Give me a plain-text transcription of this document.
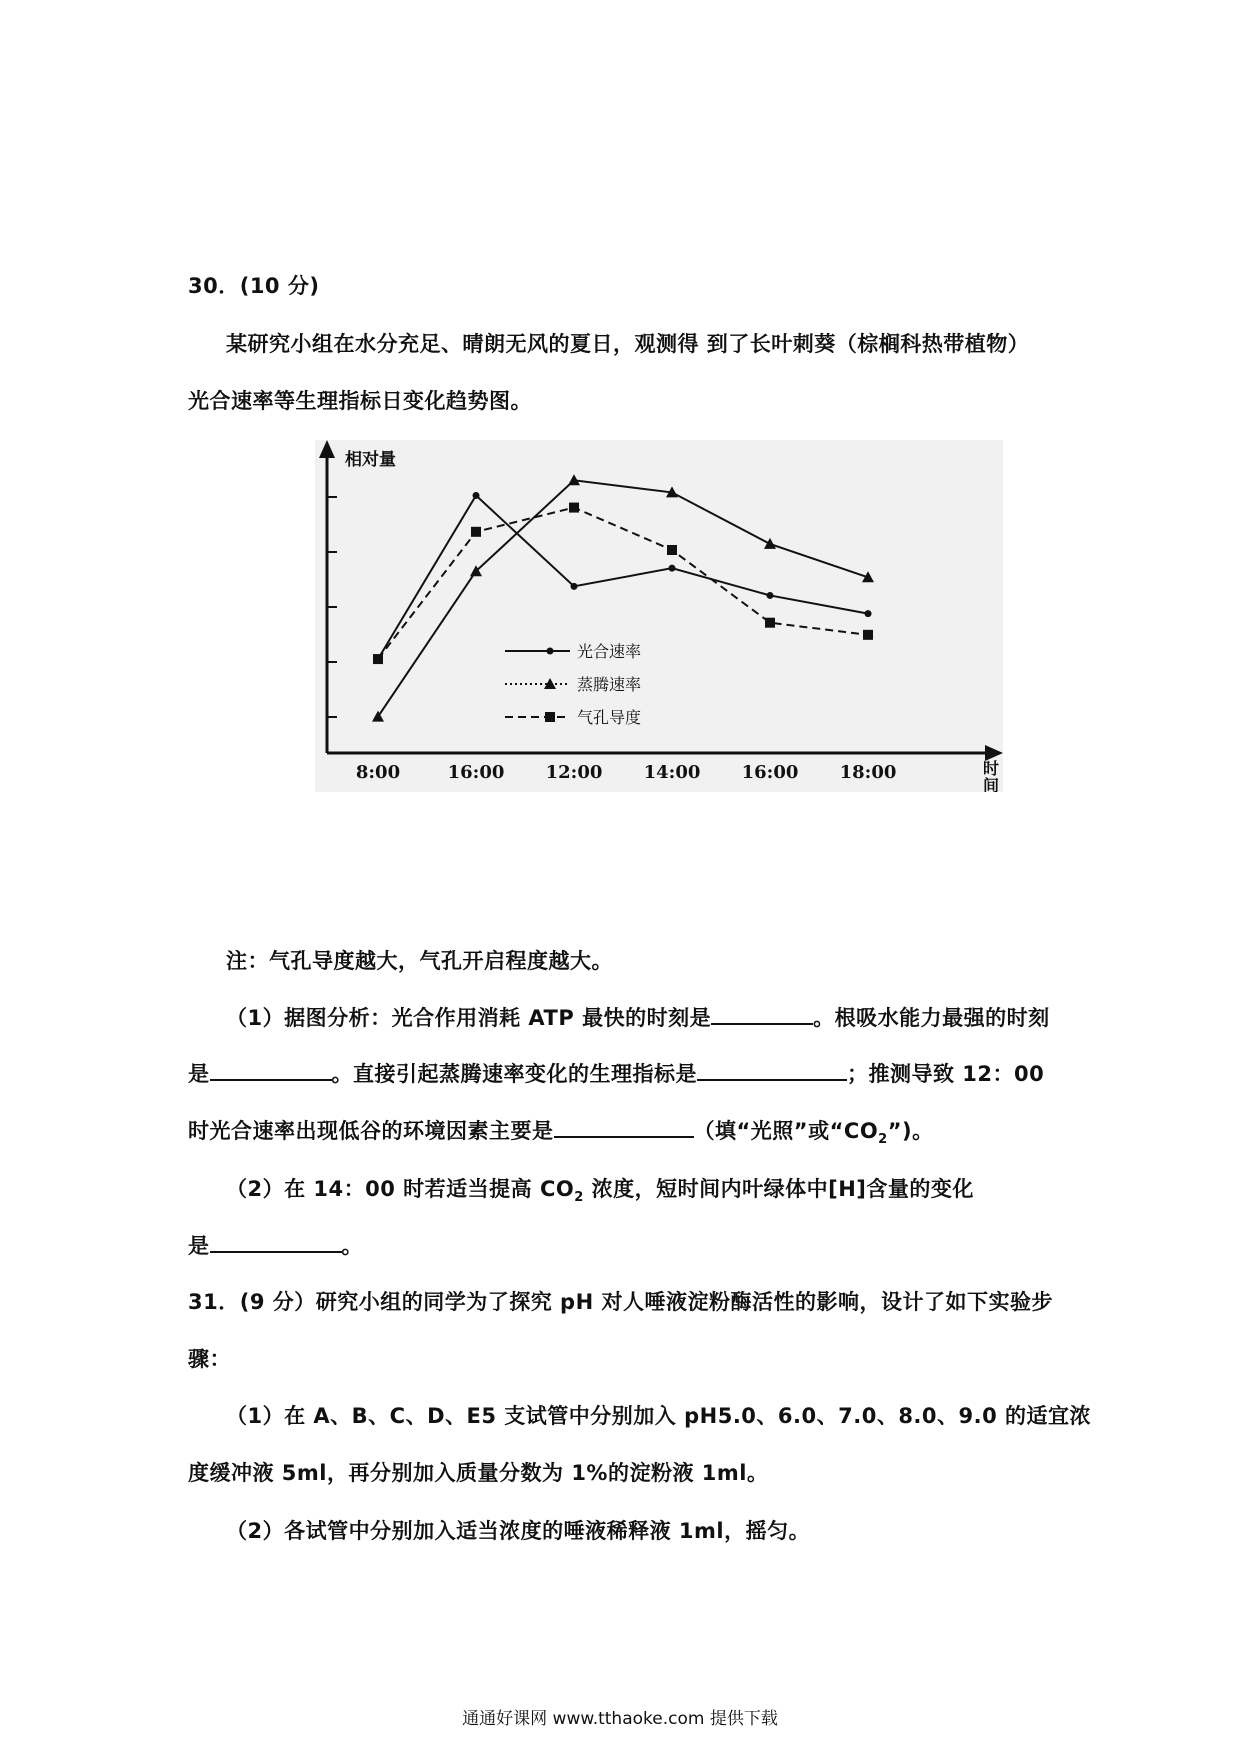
30．(10 分)
某研究小组在水分充足、晴朗无风的夏日，观测得 到了长叶刺葵（棕榈科热带植物）
光合速率等生理指标日变化趋势图。
相对量
时 间
8:00	16:00 12:00 14:00 16:00 18:00
光合速率
蒸腾速率
气孔导度
注：气孔导度越大，气孔开启程度越大。
（1）据图分析：光合作用消耗 ATP 最快的时刻是	。根吸水能力最强的时刻
是	。直接引起蒸腾速率变化的生理指标是	；推测导致 12：00
时光合速率出现低谷的环境因素主要是	（填“光照”或“$CO_2$”)。
（2）在 14：00 时若适当提高 $CO_2$ 浓度，短时间内叶绿体中[H]含量的变化
是	。
31．(9 分）研究小组的同学为了探究 pH 对人唾液淀粉酶活性的影响，设计了如下实验步
骤：
（1）在 A、B、C、D、E5 支试管中分别加入 pH5.0、6.0、7.0、8.0、9.0 的适宜浓
度缓冲液 5ml，再分别加入质量分数为 1%的淀粉液 1ml。
（2）各试管中分别加入适当浓度的唾液稀释液 1ml，摇匀。
通通好课网 www.tthaoke.com 提供下载
